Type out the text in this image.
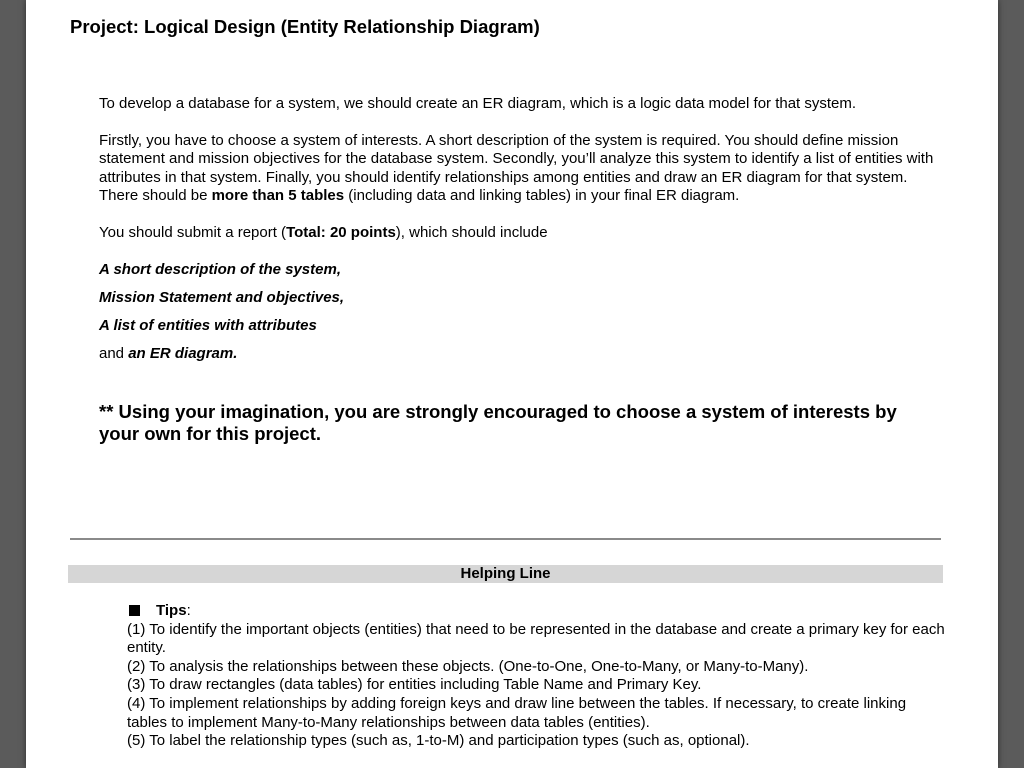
Project: Logical Design (Entity Relationship Diagram)

To develop a database for a system, we should create an ER diagram, which is a logic data model for that system.

Firstly, you have to choose a system of interests. A short description of the system is required. You should define mission statement and mission objectives for the database system. Secondly, you’ll analyze this system to identify a list of entities with attributes in that system. Finally, you should identify relationships among entities and draw an ER diagram for that system. There should be more than 5 tables (including data and linking tables) in your final ER diagram.

You should submit a report (Total: 20 points), which should include

A short description of the system,

Mission Statement and objectives,

A list of entities with attributes

and an ER diagram.

** Using your imagination, you are strongly encouraged to choose a system of interests by your own for this project.

Helping Line

Tips:

(1) To identify the important objects (entities) that need to be represented in the database and create a primary key for each entity.

(2) To analysis the relationships between these objects. (One-to-One, One-to-Many, or Many-to-Many).

(3) To draw rectangles (data tables) for entities including Table Name and Primary Key.

(4) To implement relationships by adding foreign keys and draw line between the tables. If necessary, to create linking tables to implement Many-to-Many relationships between data tables (entities).

(5) To label the relationship types (such as, 1-to-M) and participation types (such as, optional).
